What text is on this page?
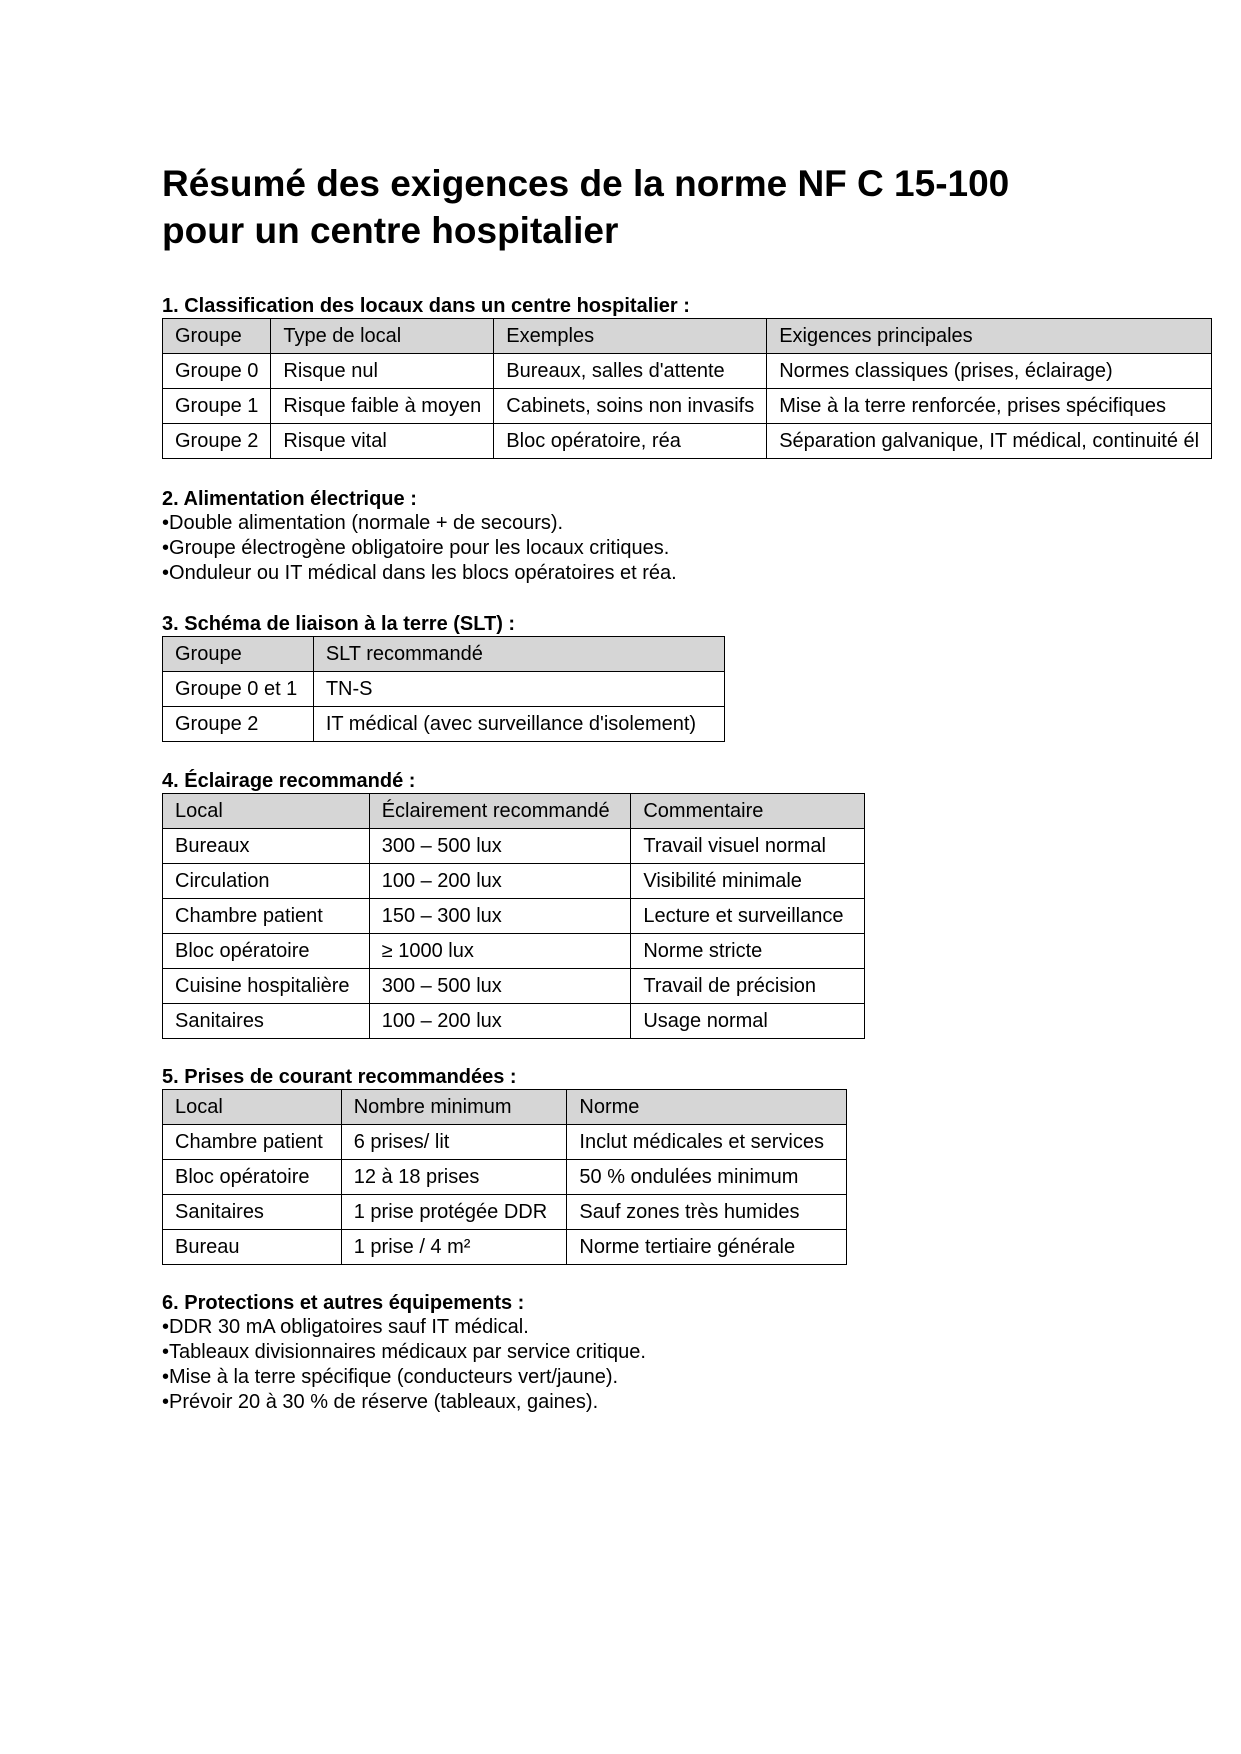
Résumé des exigences de la norme NF C 15-100
pour un centre hospitalier

1. Classification des locaux dans un centre hospitalier :

Groupe	Type de local	Exemples	Exigences principales
Groupe 0	Risque nul	Bureaux, salles d'attente	Normes classiques (prises, éclairage)
Groupe 1	Risque faible à moyen	Cabinets, soins non invasifs	Mise à la terre renforcée, prises spécifiques
Groupe 2	Risque vital	Bloc opératoire, réa	Séparation galvanique, IT médical, continuité él

2. Alimentation électrique :

• Double alimentation (normale + de secours).
• Groupe électrogène obligatoire pour les locaux critiques.
• Onduleur ou IT médical dans les blocs opératoires et réa.

3. Schéma de liaison à la terre (SLT) :

Groupe	SLT recommandé
Groupe 0 et 1	TN-S
Groupe 2	IT médical (avec surveillance d'isolement)

4. Éclairage recommandé :

Local	Éclairement recommandé	Commentaire
Bureaux	300 – 500 lux	Travail visuel normal
Circulation	100 – 200 lux	Visibilité minimale
Chambre patient	150 – 300 lux	Lecture et surveillance
Bloc opératoire	≥ 1000 lux	Norme stricte
Cuisine hospitalière	300 – 500 lux	Travail de précision
Sanitaires	100 – 200 lux	Usage normal

5. Prises de courant recommandées :

Local	Nombre minimum	Norme
Chambre patient	6 prises/ lit	Inclut médicales et services
Bloc opératoire	12 à 18 prises	50 % ondulées minimum
Sanitaires	1 prise protégée DDR	Sauf zones très humides
Bureau	1 prise / 4 m²	Norme tertiaire générale

6. Protections et autres équipements :

• DDR 30 mA obligatoires sauf IT médical.
• Tableaux divisionnaires médicaux par service critique.
• Mise à la terre spécifique (conducteurs vert/jaune).
• Prévoir 20 à 30 % de réserve (tableaux, gaines).
